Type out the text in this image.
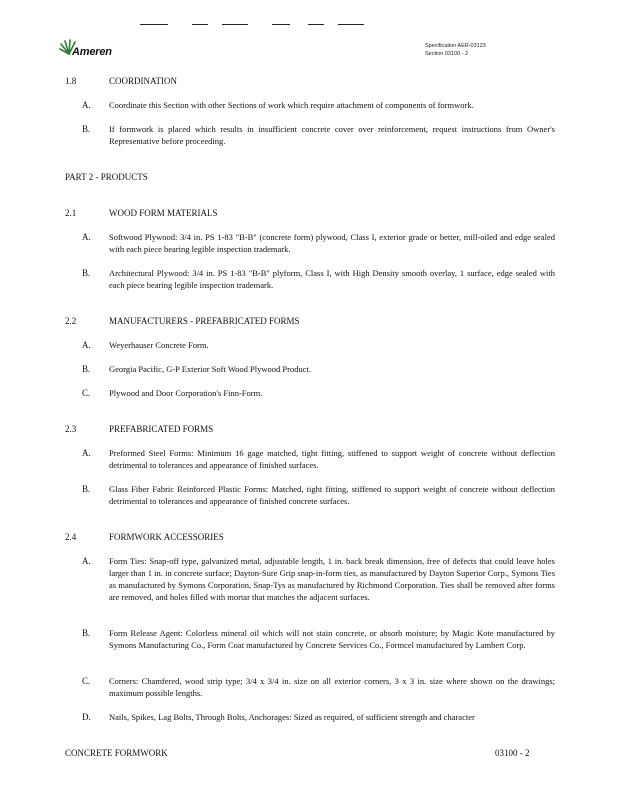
Ameren	Specification AER-03123
Section 03100 - 2
1.8	COORDINATION
A. Coordinate this Section with other Sections of work which require attachment of components of formwork.
B. If formwork is placed which results in insufficient concrete cover over reinforcement, request instructions from Owner's Representative before proceeding.
PART 2 - PRODUCTS
2.1	WOOD FORM MATERIALS
A. Softwood Plywood: 3/4 in. PS 1-83 "B-B" (concrete form) plywood, Class I, exterior grade or better, mill-oiled and edge sealed with each piece bearing legible inspection trademark.
B. Architectural Plywood: 3/4 in. PS 1-83 "B-B" plyform, Class I, with High Density smooth overlay, 1 surface, edge sealed with each piece bearing legible inspection trademark.
2.2	MANUFACTURERS - PREFABRICATED FORMS
A. Weyerhauser Concrete Form.
B. Georgia Pacific, G-P Exterior Soft Wood Plywood Product.
C. Plywood and Door Corporation's Finn-Form.
2.3	PREFABRICATED FORMS
A. Preformed Steel Forms: Minimum 16 gage matched, tight fitting, stiffened to support weight of concrete without deflection detrimental to tolerances and appearance of finished surfaces.
B. Glass Fiber Fabric Reinforced Plastic Forms: Matched, tight fitting, stiffened to support weight of concrete without deflection detrimental to tolerances and appearance of finished concrete surfaces.
2.4	FORMWORK ACCESSORIES
A. Form Ties: Snap-off type, galvanized metal, adjustable length, 1 in. back break dimension, free of defects that could leave holes larger than 1 in. in concrete surface; Dayton-Sure Grip snap-in-form ties, as manufactured by Dayton Superior Corp., Symons Ties as manufactured by Symons Corporation, Snap-Tys as manufactured by Richmond Corporation. Ties shall be removed after forms are removed, and holes filled with mortar that matches the adjacent surfaces.
B. Form Release Agent: Colorless mineral oil which will not stain concrete, or absorb moisture; by Magic Kote manufactured by Symons Manufacturing Co., Form Coat manufactured by Concrete Services Co., Formcel manufactured by Lambert Corp.
C. Corners: Chamfered, wood strip type; 3/4 x 3/4 in. size on all exterior corners, 3 x 3 in. size where shown on the drawings; maximum possible lengths.
D. Nails, Spikes, Lag Bolts, Through Bolts, Anchorages: Sized as required, of sufficient strength and character
CONCRETE FORMWORK	03100 - 2
